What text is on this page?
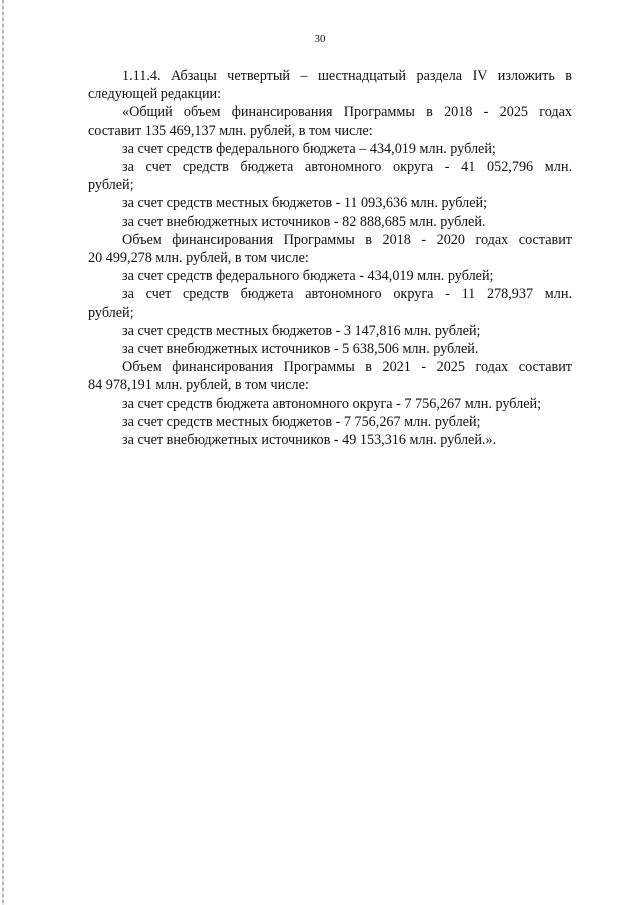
30
1.11.4. Абзацы четвертый – шестнадцатый раздела IV изложить в
следующей редакции:
«Общий объем финансирования Программы в 2018 - 2025 годах
составит 135 469,137 млн. рублей, в том числе:
за счет средств федерального бюджета – 434,019 млн. рублей;
за счет средств бюджета автономного округа - 41 052,796 млн.
рублей;
за счет средств местных бюджетов - 11 093,636 млн. рублей;
за счет внебюджетных источников - 82 888,685 млн. рублей.
Объем финансирования Программы в 2018 - 2020 годах составит
20 499,278 млн. рублей, в том числе:
за счет средств федерального бюджета - 434,019 млн. рублей;
за счет средств бюджета автономного округа - 11 278,937 млн.
рублей;
за счет средств местных бюджетов - 3 147,816 млн. рублей;
за счет внебюджетных источников - 5 638,506 млн. рублей.
Объем финансирования Программы в 2021 - 2025 годах составит
84 978,191 млн. рублей, в том числе:
за счет средств бюджета автономного округа - 7 756,267 млн. рублей;
за счет средств местных бюджетов - 7 756,267 млн. рублей;
за счет внебюджетных источников - 49 153,316 млн. рублей.».
